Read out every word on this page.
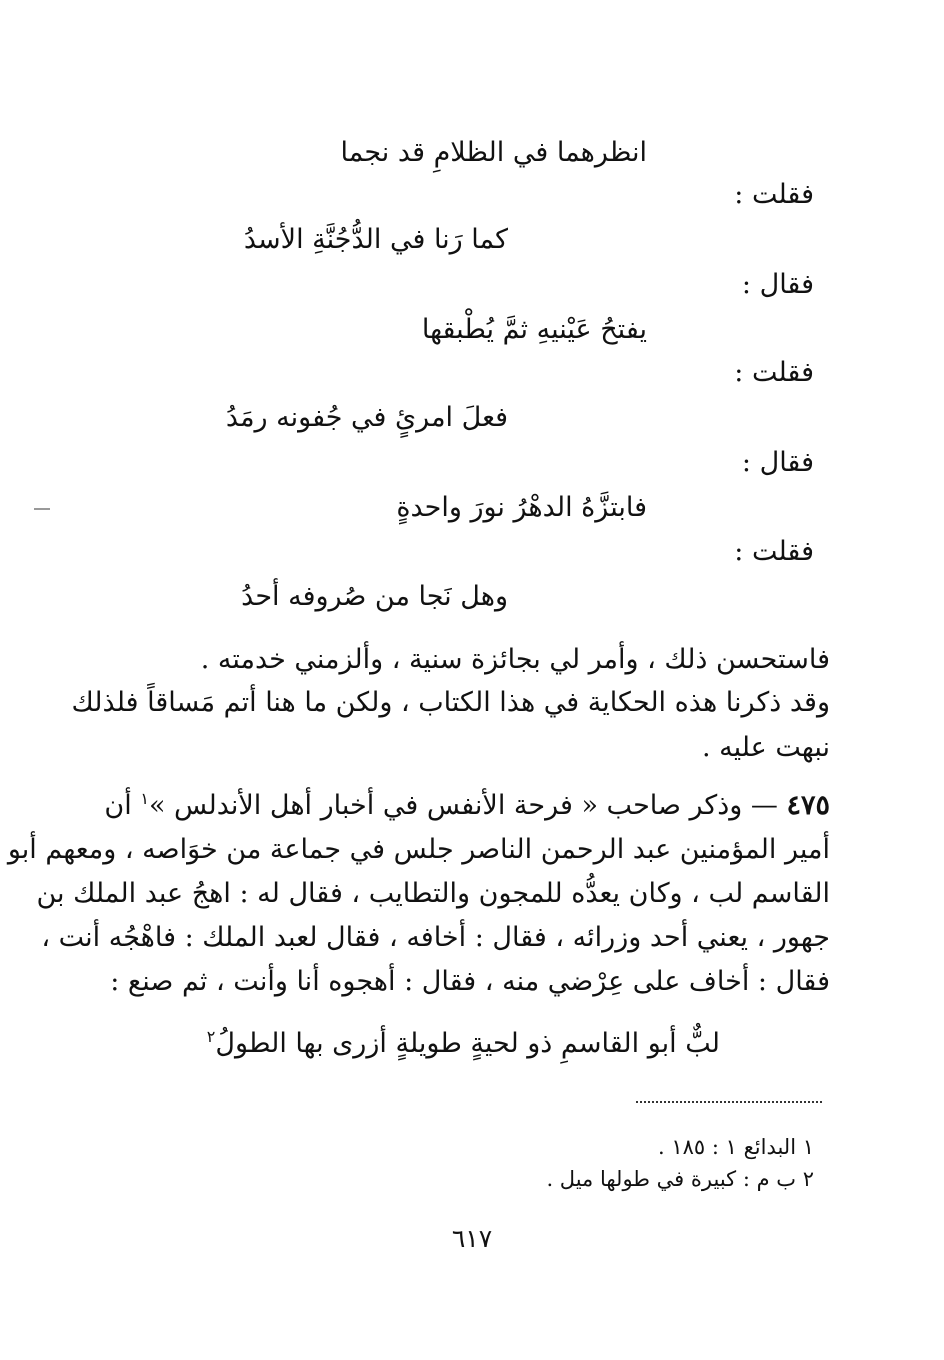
انظرهما في الظلامِ قد نجما
فقلت :
كما رَنا في الدُّجُنَّةِ الأسدُ
فقال :
يفتحُ عَيْنيهِ ثمَّ يُطْبقها
فقلت :
فعلَ امرئٍ في جُفونه رمَدُ
فقال :
فابتزَّهُ الدهْرُ نورَ واحدةٍ
فقلت :
وهل نَجا من صُروفه أحدُ
فاستحسن ذلك ، وأمر لي بجائزة سنية ، وألزمني خدمته .
وقد ذكرنا هذه الحكاية في هذا الكتاب ، ولكن ما هنا أتم مَساقاً فلذلك
نبهت عليه .
٤٧٥ — وذكر صاحب « فرحة الأنفس في أخبار أهل الأندلس »$^١$ أن
أمير المؤمنين عبد الرحمن الناصر جلس في جماعة من خوَاصه ، ومعهم أبو
القاسم لب ، وكان يعدُّه للمجون والتطايب ، فقال له : اهجُ عبد الملك بن
جهور ، يعني أحد وزرائه ، فقال : أخافه ، فقال لعبد الملك : فاهْجُه أنت ،
فقال : أخاف على عِرْضي منه ، فقال : أهجوه أنا وأنت ، ثم صنع :
لبٌّ أبو القاسمِ ذو لحيةٍ طويلةٍ أزرى بها الطولُ$^٢$
١ البدائع ١ : ١٨٥ .
٢ ب م : كبيرة في طولها ميل .
٦١٧
